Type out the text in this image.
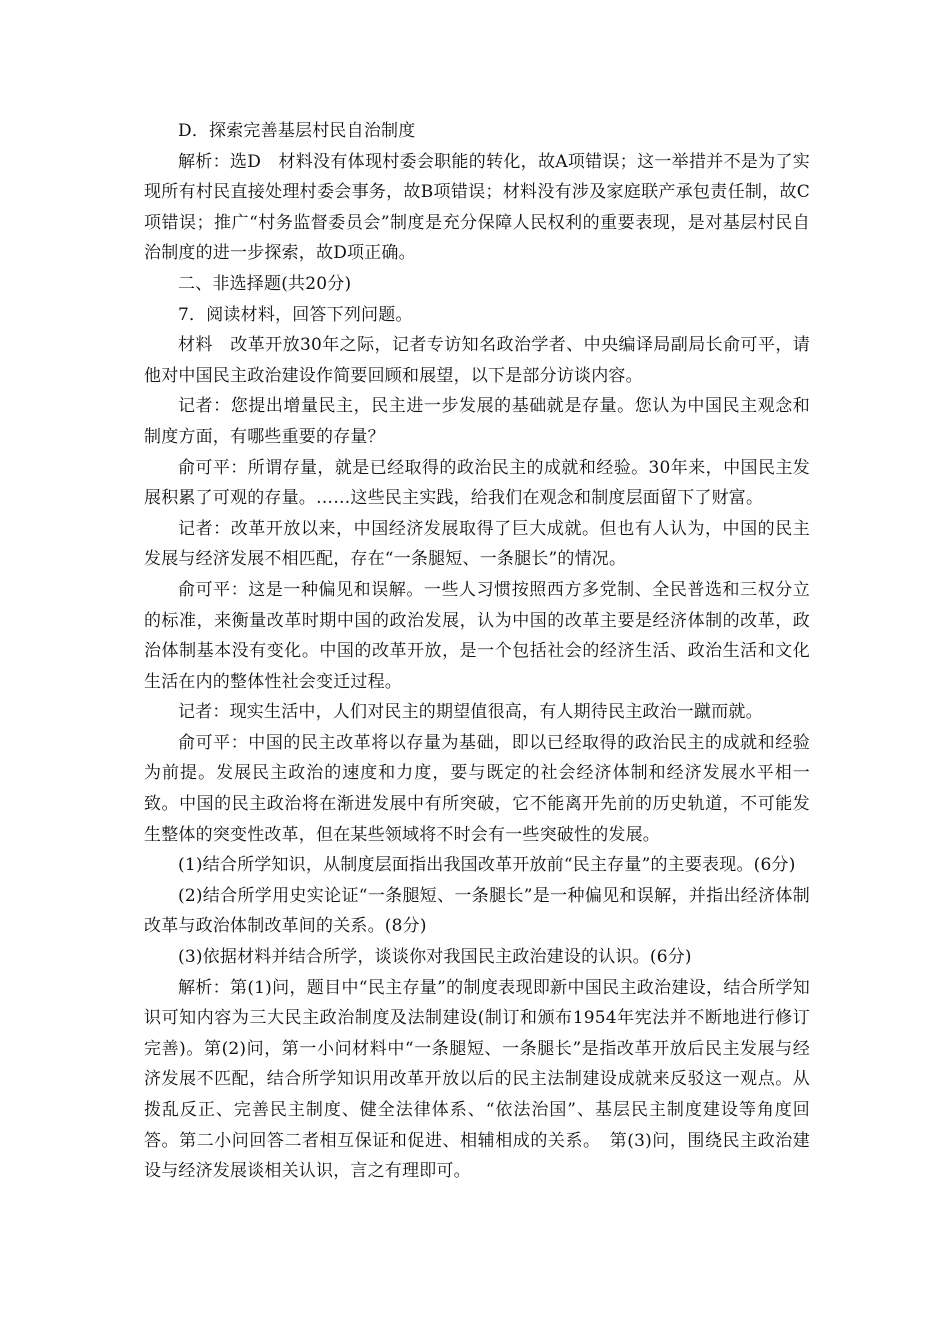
D．探索完善基层村民自治制度

解析：选D　材料没有体现村委会职能的转化，故A项错误；这一举措并不是为了实现所有村民直接处理村委会事务，故B项错误；材料没有涉及家庭联产承包责任制，故C项错误；推广“村务监督委员会”制度是充分保障人民权利的重要表现，是对基层村民自治制度的进一步探索，故D项正确。

二、非选择题(共20分)

7．阅读材料，回答下列问题。

材料　改革开放30年之际，记者专访知名政治学者、中央编译局副局长俞可平，请他对中国民主政治建设作简要回顾和展望，以下是部分访谈内容。

记者：您提出增量民主，民主进一步发展的基础就是存量。您认为中国民主观念和制度方面，有哪些重要的存量？

俞可平：所谓存量，就是已经取得的政治民主的成就和经验。30年来，中国民主发展积累了可观的存量。……这些民主实践，给我们在观念和制度层面留下了财富。

记者：改革开放以来，中国经济发展取得了巨大成就。但也有人认为，中国的民主发展与经济发展不相匹配，存在“一条腿短、一条腿长”的情况。

俞可平：这是一种偏见和误解。一些人习惯按照西方多党制、全民普选和三权分立的标准，来衡量改革时期中国的政治发展，认为中国的改革主要是经济体制的改革，政治体制基本没有变化。中国的改革开放，是一个包括社会的经济生活、政治生活和文化生活在内的整体性社会变迁过程。

记者：现实生活中，人们对民主的期望值很高，有人期待民主政治一蹴而就。

俞可平：中国的民主改革将以存量为基础，即以已经取得的政治民主的成就和经验为前提。发展民主政治的速度和力度，要与既定的社会经济体制和经济发展水平相一致。中国的民主政治将在渐进发展中有所突破，它不能离开先前的历史轨道，不可能发生整体的突变性改革，但在某些领域将不时会有一些突破性的发展。

(1)结合所学知识，从制度层面指出我国改革开放前“民主存量”的主要表现。(6分)

(2)结合所学用史实论证“一条腿短、一条腿长”是一种偏见和误解，并指出经济体制改革与政治体制改革间的关系。(8分)

(3)依据材料并结合所学，谈谈你对我国民主政治建设的认识。(6分)

解析：第(1)问，题目中“民主存量”的制度表现即新中国民主政治建设，结合所学知识可知内容为三大民主政治制度及法制建设(制订和颁布1954年宪法并不断地进行修订完善)。第(2)问，第一小问材料中“一条腿短、一条腿长”是指改革开放后民主发展与经济发展不匹配，结合所学知识用改革开放以后的民主法制建设成就来反驳这一观点。从拨乱反正、完善民主制度、健全法律体系、“依法治国”、基层民主制度建设等角度回答。第二小问回答二者相互保证和促进、相辅相成的关系。　第(3)问，围绕民主政治建设与经济发展谈相关认识，言之有理即可。
